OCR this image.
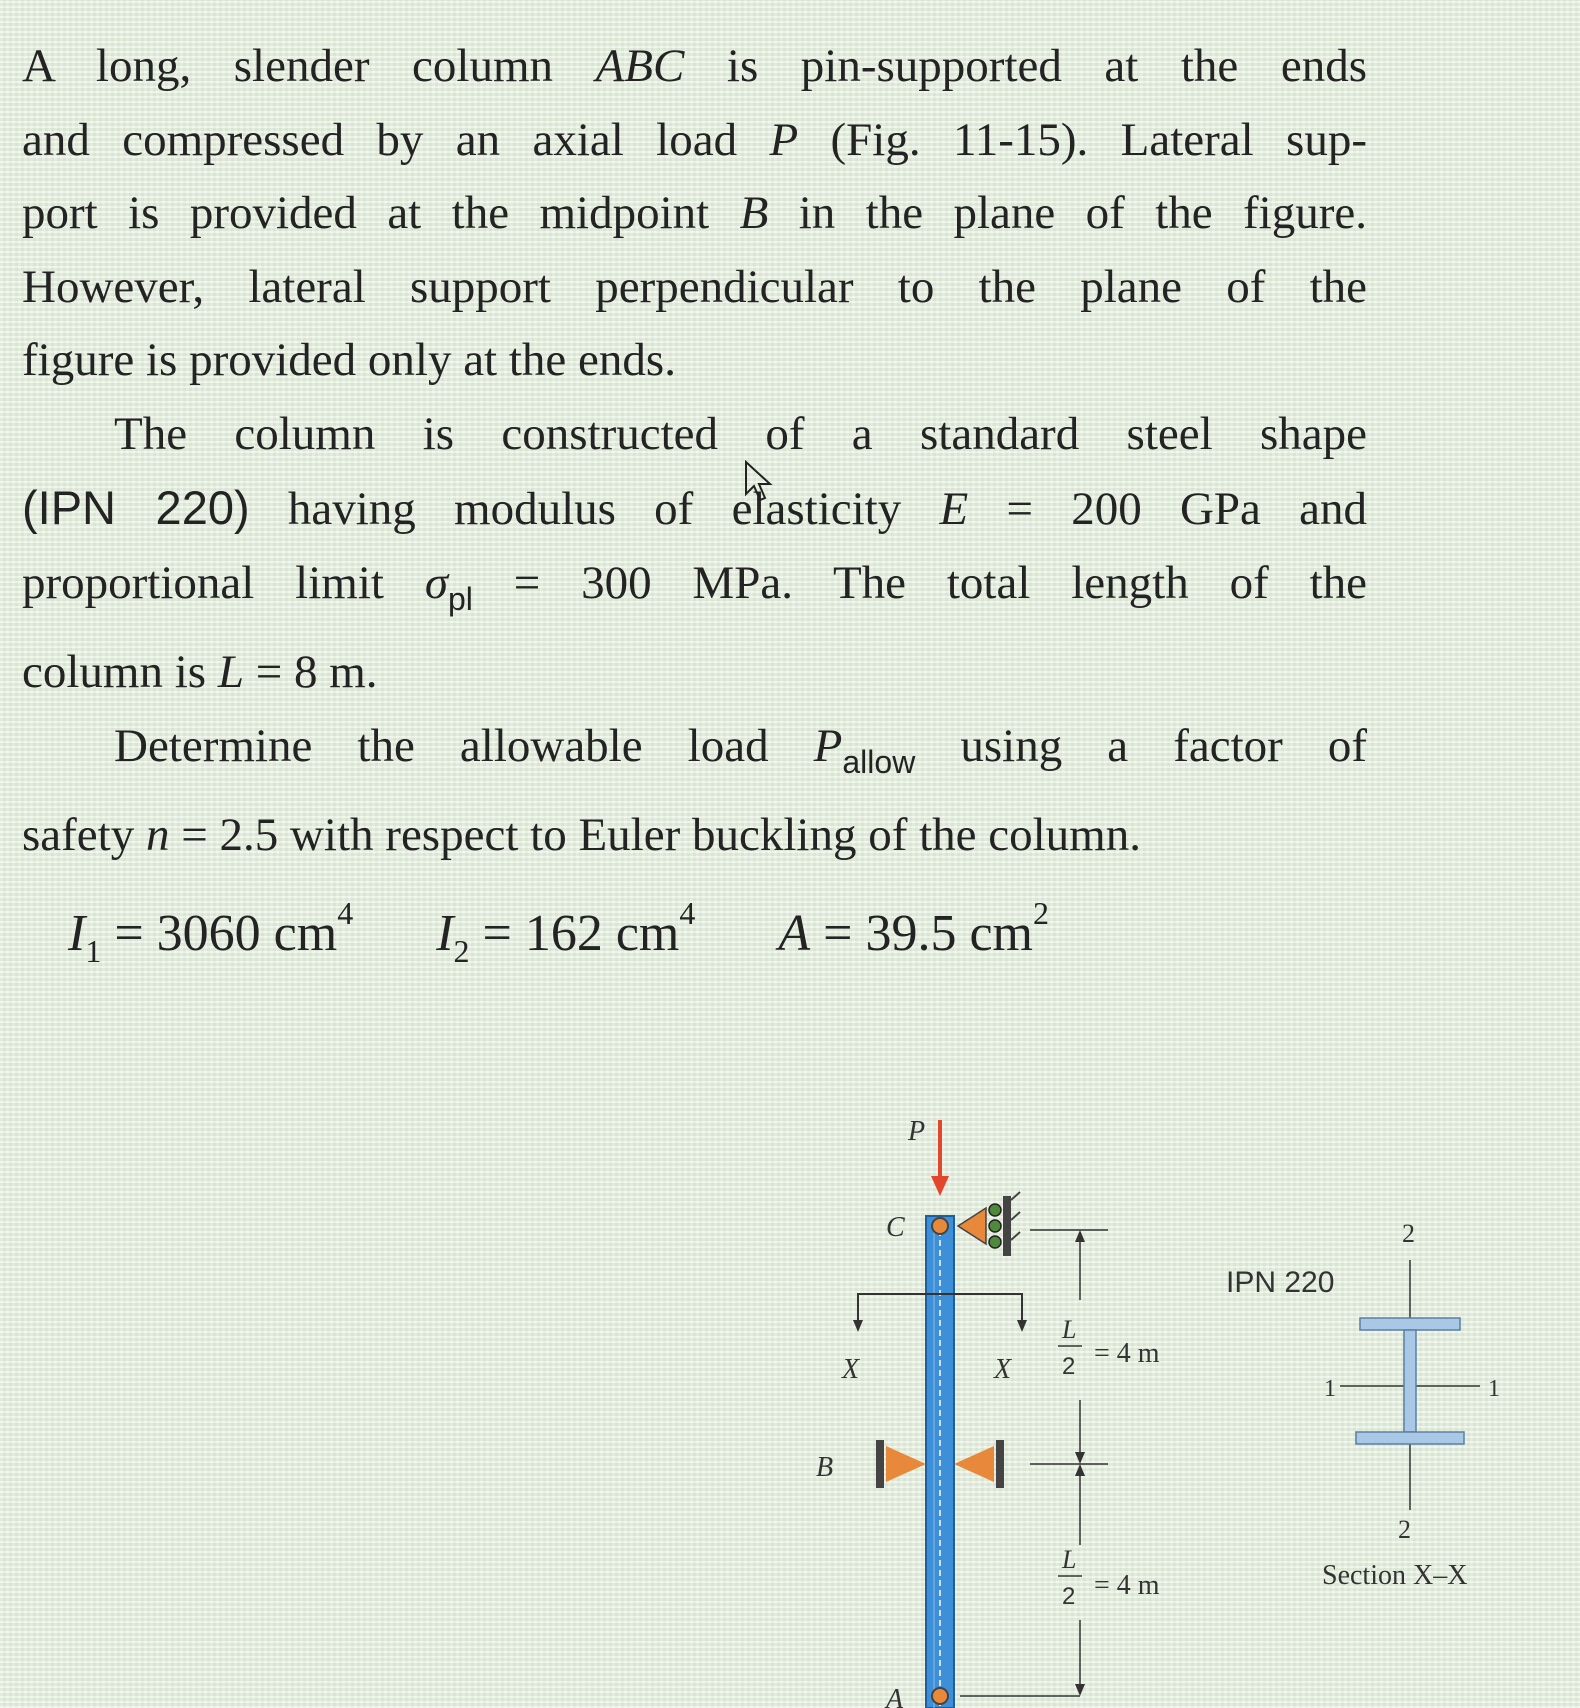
A long, slender column ABC is pin-supported at the ends
and compressed by an axial load P (Fig. 11-15). Lateral sup-
port is provided at the midpoint B in the plane of the figure.
However, lateral support perpendicular to the plane of the
figure is provided only at the ends.
The column is constructed of a standard steel shape
(IPN 220) having modulus of elasticity E = 200 GPa and
proportional limit $\sigma_{pl} = 300$ MPa. The total length of the
column is L = 8 m.
Determine the allowable load $P_{allow}$ using a factor of
safety n = 2.5 with respect to Euler buckling of the column.
$I_1 = 3060$ $cm^4$ $I_2 = 162$ $cm^4$ A = 39.5 $cm^2$
P
C
X	X
B
A
L
2 = 4 m
L
2 = 4 m
IPN 220
2
2
1	1
Section X–X
